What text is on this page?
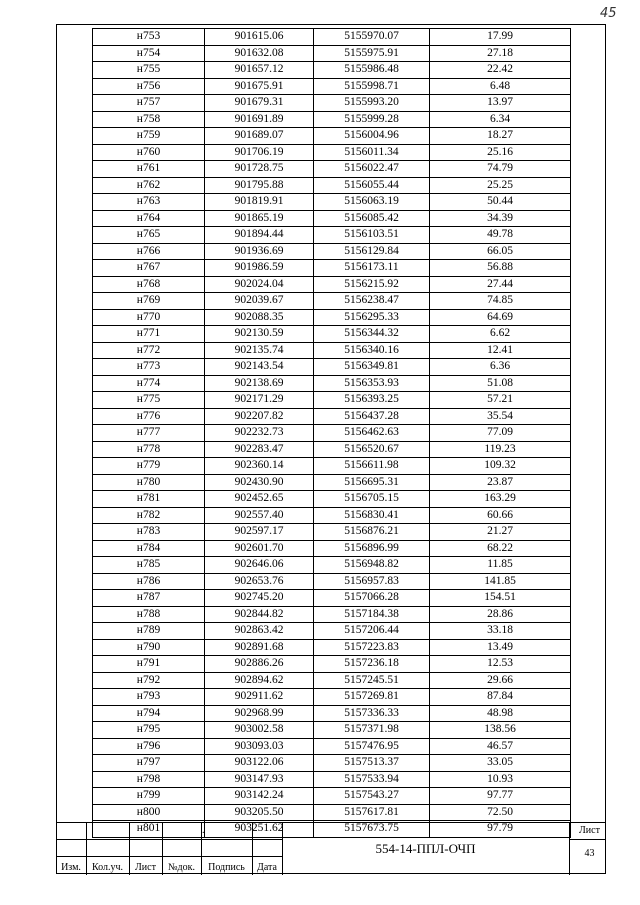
45
н753	901615.06	5155970.07	17.99
н754	901632.08	5155975.91	27.18
н755	901657.12	5155986.48	22.42
н756	901675.91	5155998.71	6.48
н757	901679.31	5155993.20	13.97
н758	901691.89	5155999.28	6.34
н759	901689.07	5156004.96	18.27
н760	901706.19	5156011.34	25.16
н761	901728.75	5156022.47	74.79
н762	901795.88	5156055.44	25.25
н763	901819.91	5156063.19	50.44
н764	901865.19	5156085.42	34.39
н765	901894.44	5156103.51	49.78
н766	901936.69	5156129.84	66.05
н767	901986.59	5156173.11	56.88
н768	902024.04	5156215.92	27.44
н769	902039.67	5156238.47	74.85
н770	902088.35	5156295.33	64.69
н771	902130.59	5156344.32	6.62
н772	902135.74	5156340.16	12.41
н773	902143.54	5156349.81	6.36
н774	902138.69	5156353.93	51.08
н775	902171.29	5156393.25	57.21
н776	902207.82	5156437.28	35.54
н777	902232.73	5156462.63	77.09
н778	902283.47	5156520.67	119.23
н779	902360.14	5156611.98	109.32
н780	902430.90	5156695.31	23.87
н781	902452.65	5156705.15	163.29
н782	902557.40	5156830.41	60.66
н783	902597.17	5156876.21	21.27
н784	902601.70	5156896.99	68.22
н785	902646.06	5156948.82	11.85
н786	902653.76	5156957.83	141.85
н787	902745.20	5157066.28	154.51
н788	902844.82	5157184.38	28.86
н789	902863.42	5157206.44	33.18
н790	902891.68	5157223.83	13.49
н791	902886.26	5157236.18	12.53
н792	902894.62	5157245.51	29.66
н793	902911.62	5157269.81	87.84
н794	902968.99	5157336.33	48.98
н795	903002.58	5157371.98	138.56
н796	903093.03	5157476.95	46.57
н797	903122.06	5157513.37	33.05
н798	903147.93	5157533.94	10.93
н799	903142.24	5157543.27	97.77
н800	903205.50	5157617.81	72.50
н801	903251.62	5157673.75	97.79
.
Изм.	Кол.уч.	Лист	№док.	Подпись	Дата
554-14-ППЛ-ОЧП
Лист
43
